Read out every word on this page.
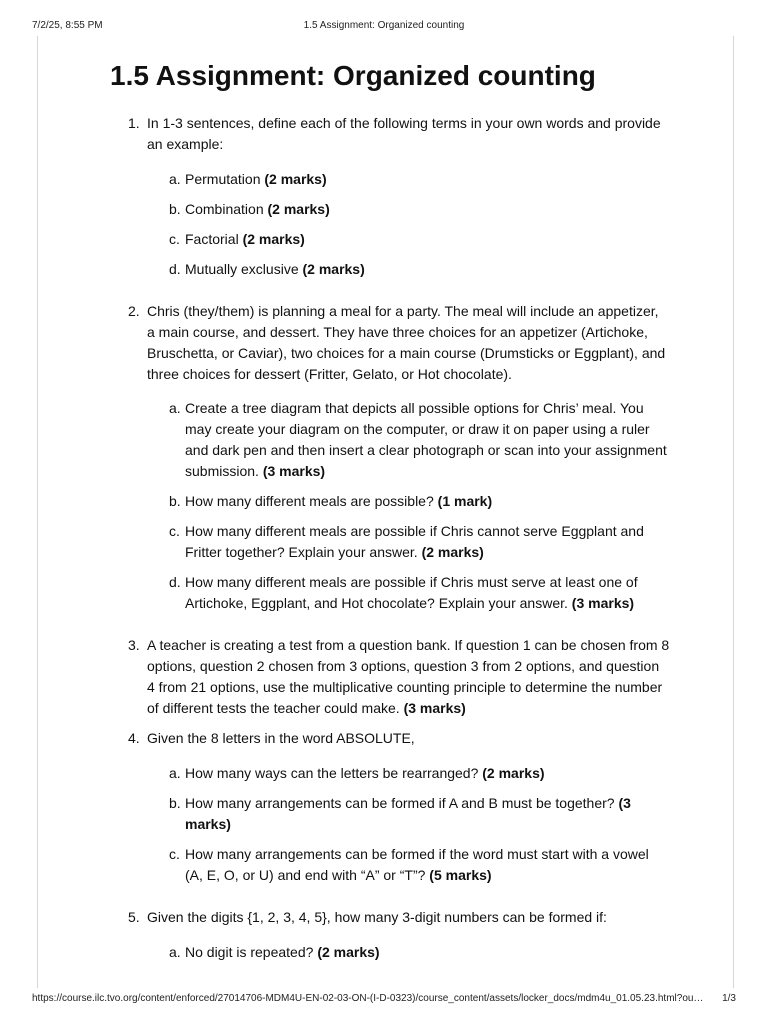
7/2/25, 8:55 PM	1.5 Assignment: Organized counting
1.5 Assignment: Organized counting
1. In 1-3 sentences, define each of the following terms in your own words and provide an example:
a. Permutation (2 marks)
b. Combination (2 marks)
c. Factorial (2 marks)
d. Mutually exclusive (2 marks)
2. Chris (they/them) is planning a meal for a party. The meal will include an appetizer, a main course, and dessert. They have three choices for an appetizer (Artichoke, Bruschetta, or Caviar), two choices for a main course (Drumsticks or Eggplant), and three choices for dessert (Fritter, Gelato, or Hot chocolate).
a. Create a tree diagram that depicts all possible options for Chris’ meal. You may create your diagram on the computer, or draw it on paper using a ruler and dark pen and then insert a clear photograph or scan into your assignment submission. (3 marks)
b. How many different meals are possible? (1 mark)
c. How many different meals are possible if Chris cannot serve Eggplant and Fritter together? Explain your answer. (2 marks)
d. How many different meals are possible if Chris must serve at least one of Artichoke, Eggplant, and Hot chocolate? Explain your answer. (3 marks)
3. A teacher is creating a test from a question bank. If question 1 can be chosen from 8 options, question 2 chosen from 3 options, question 3 from 2 options, and question 4 from 21 options, use the multiplicative counting principle to determine the number of different tests the teacher could make. (3 marks)
4. Given the 8 letters in the word ABSOLUTE,
a. How many ways can the letters be rearranged? (2 marks)
b. How many arrangements can be formed if A and B must be together? (3 marks)
c. How many arrangements can be formed if the word must start with a vowel (A, E, O, or U) and end with “A” or “T”? (5 marks)
5. Given the digits {1, 2, 3, 4, 5}, how many 3-digit numbers can be formed if:
a. No digit is repeated? (2 marks)
https://course.ilc.tvo.org/content/enforced/27014706-MDM4U-EN-02-03-ON-(I-D-0323)/course_content/assets/locker_docs/mdm4u_01.05.23.html?ou…	1/3
